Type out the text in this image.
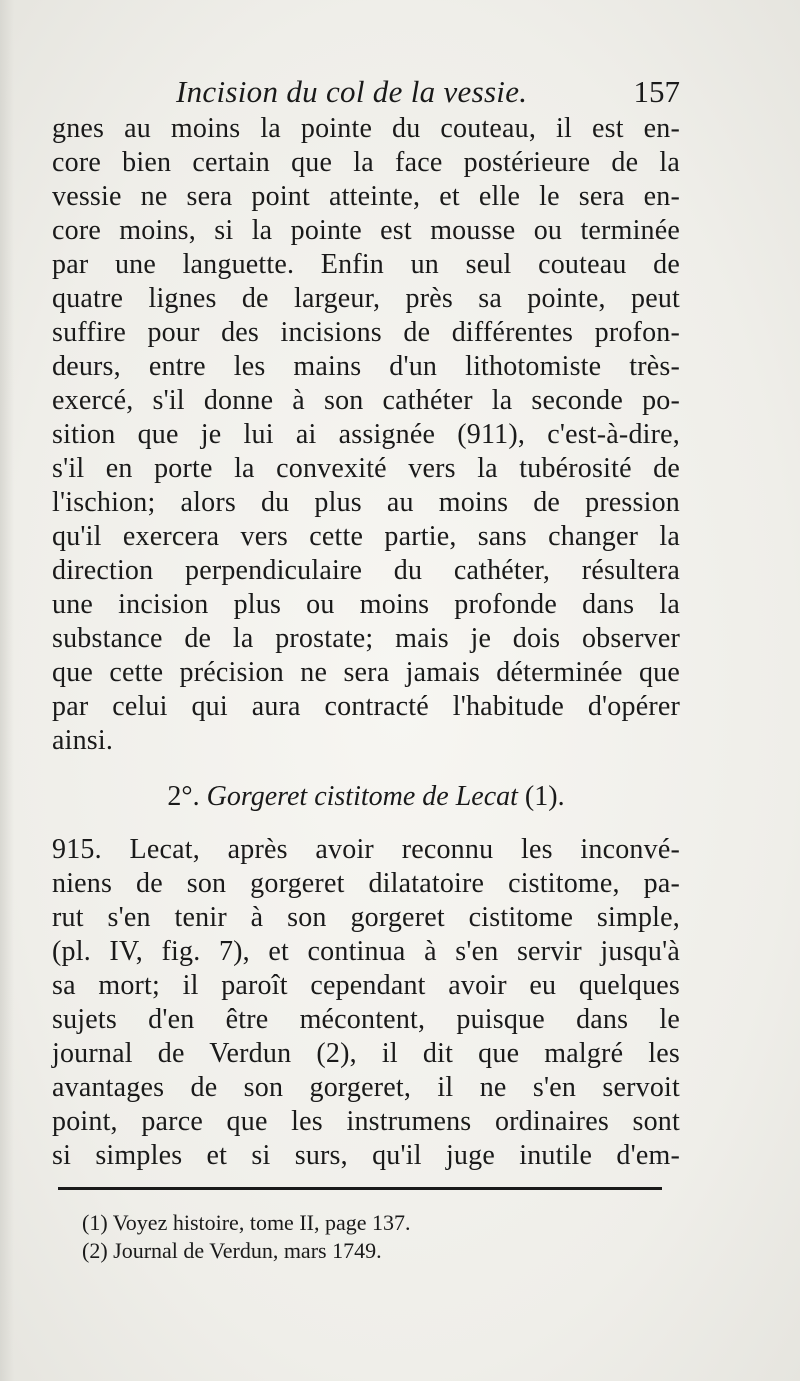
Incision du col de la vessie.	157
gnes au moins la pointe du couteau, il est en-
core bien certain que la face postérieure de la
vessie ne sera point atteinte, et elle le sera en-
core moins, si la pointe est mousse ou terminée
par une languette. Enfin un seul couteau de
quatre lignes de largeur, près sa pointe, peut
suffire pour des incisions de différentes profon-
deurs, entre les mains d'un lithotomiste très-
exercé, s'il donne à son cathéter la seconde po-
sition que je lui ai assignée (911), c'est-à-dire,
s'il en porte la convexité vers la tubérosité de
l'ischion; alors du plus au moins de pression
qu'il exercera vers cette partie, sans changer la
direction perpendiculaire du cathéter, résultera
une incision plus ou moins profonde dans la
substance de la prostate; mais je dois observer
que cette précision ne sera jamais déterminée que
par celui qui aura contracté l'habitude d'opérer
ainsi.
2°. Gorgeret cistitome de Lecat (1).
915. Lecat, après avoir reconnu les inconvé-
niens de son gorgeret dilatatoire cistitome, pa-
rut s'en tenir à son gorgeret cistitome simple,
(pl. IV, fig. 7), et continua à s'en servir jusqu'à
sa mort; il paroît cependant avoir eu quelques
sujets d'en être mécontent, puisque dans le
journal de Verdun (2), il dit que malgré les
avantages de son gorgeret, il ne s'en servoit
point, parce que les instrumens ordinaires sont
si simples et si surs, qu'il juge inutile d'em-
(1) Voyez histoire, tome II, page 137.
(2) Journal de Verdun, mars 1749.
